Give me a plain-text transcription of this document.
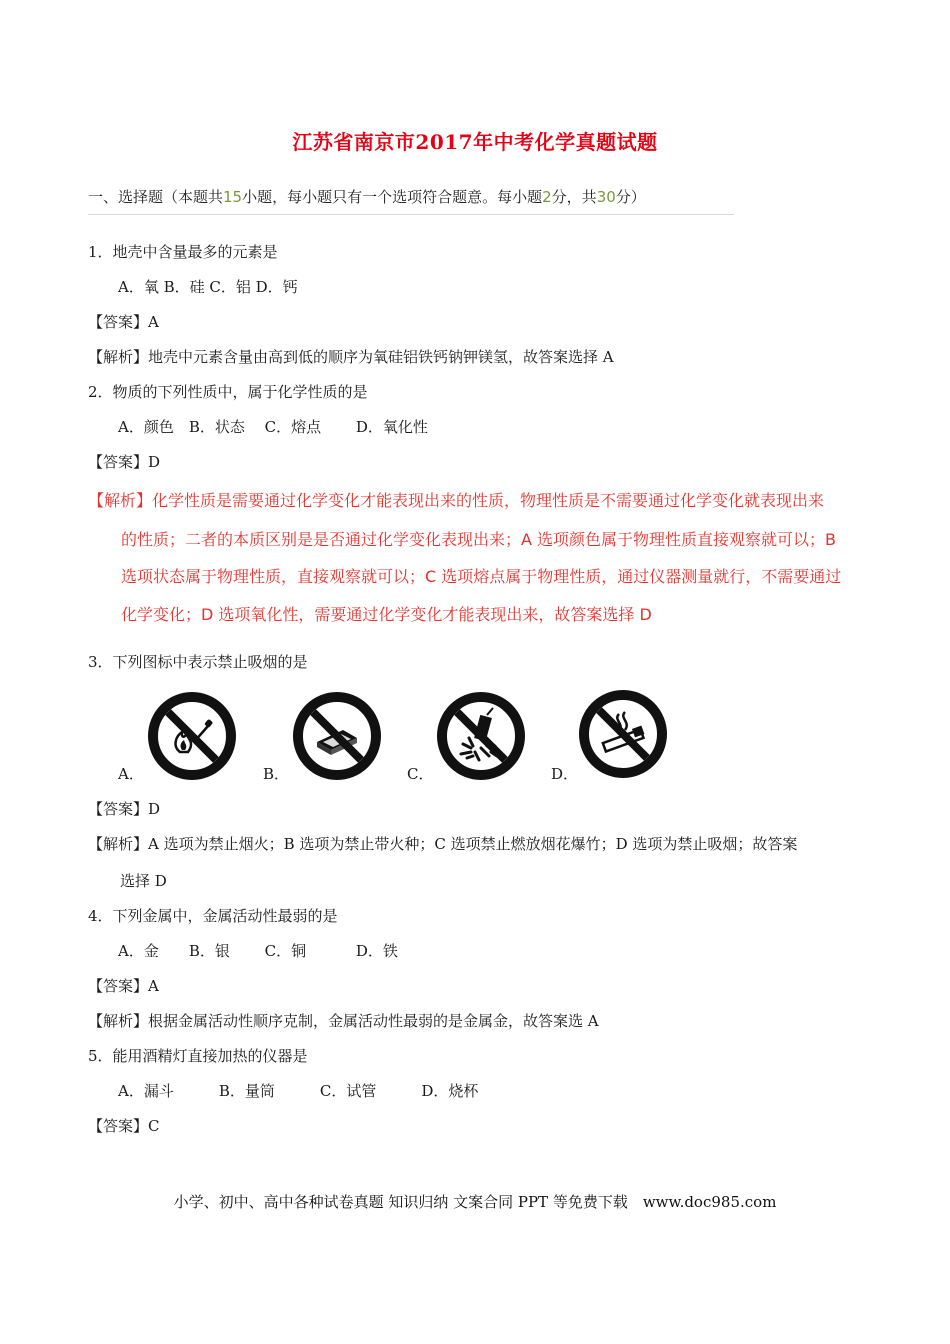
江苏省南京市2017年中考化学真题试题
一、选择题（本题共15小题，每小题只有一个选项符合题意。每小题2分，共30分）
1．地壳中含量最多的元素是
A．氧 B．硅 C．铝 D．钙
【答案】A
【解析】地壳中元素含量由高到低的顺序为氧硅铝铁钙钠钾镁氢，故答案选择 A
2．物质的下列性质中，属于化学性质的是
A．颜色　B．状态　 C．熔点　　 D．氧化性
【答案】D
【解析】化学性质是需要通过化学变化才能表现出来的性质，物理性质是不需要通过化学变化就表现出来
的性质；二者的本质区别是是否通过化学变化表现出来；A 选项颜色属于物理性质直接观察就可以；B
选项状态属于物理性质，直接观察就可以；C 选项熔点属于物理性质，通过仪器测量就行，不需要通过
化学变化；D 选项氧化性，需要通过化学变化才能表现出来，故答案选择 D
3．下列图标中表示禁止吸烟的是
A．	B．	C．	D．
【答案】D
【解析】A 选项为禁止烟火；B 选项为禁止带火种；C 选项禁止燃放烟花爆竹；D 选项为禁止吸烟；故答案
选择 D
4．下列金属中，金属活动性最弱的是
A．金　　B．银　　 C．铜　　　 D．铁
【答案】A
【解析】根据金属活动性顺序克制，金属活动性最弱的是金属金，故答案选 A
5．能用酒精灯直接加热的仪器是
A．漏斗　　　B．量筒　　　C．试管　　　D．烧杯
【答案】C
小学、初中、高中各种试卷真题 知识归纳 文案合同 PPT 等免费下载　www.doc985.com
